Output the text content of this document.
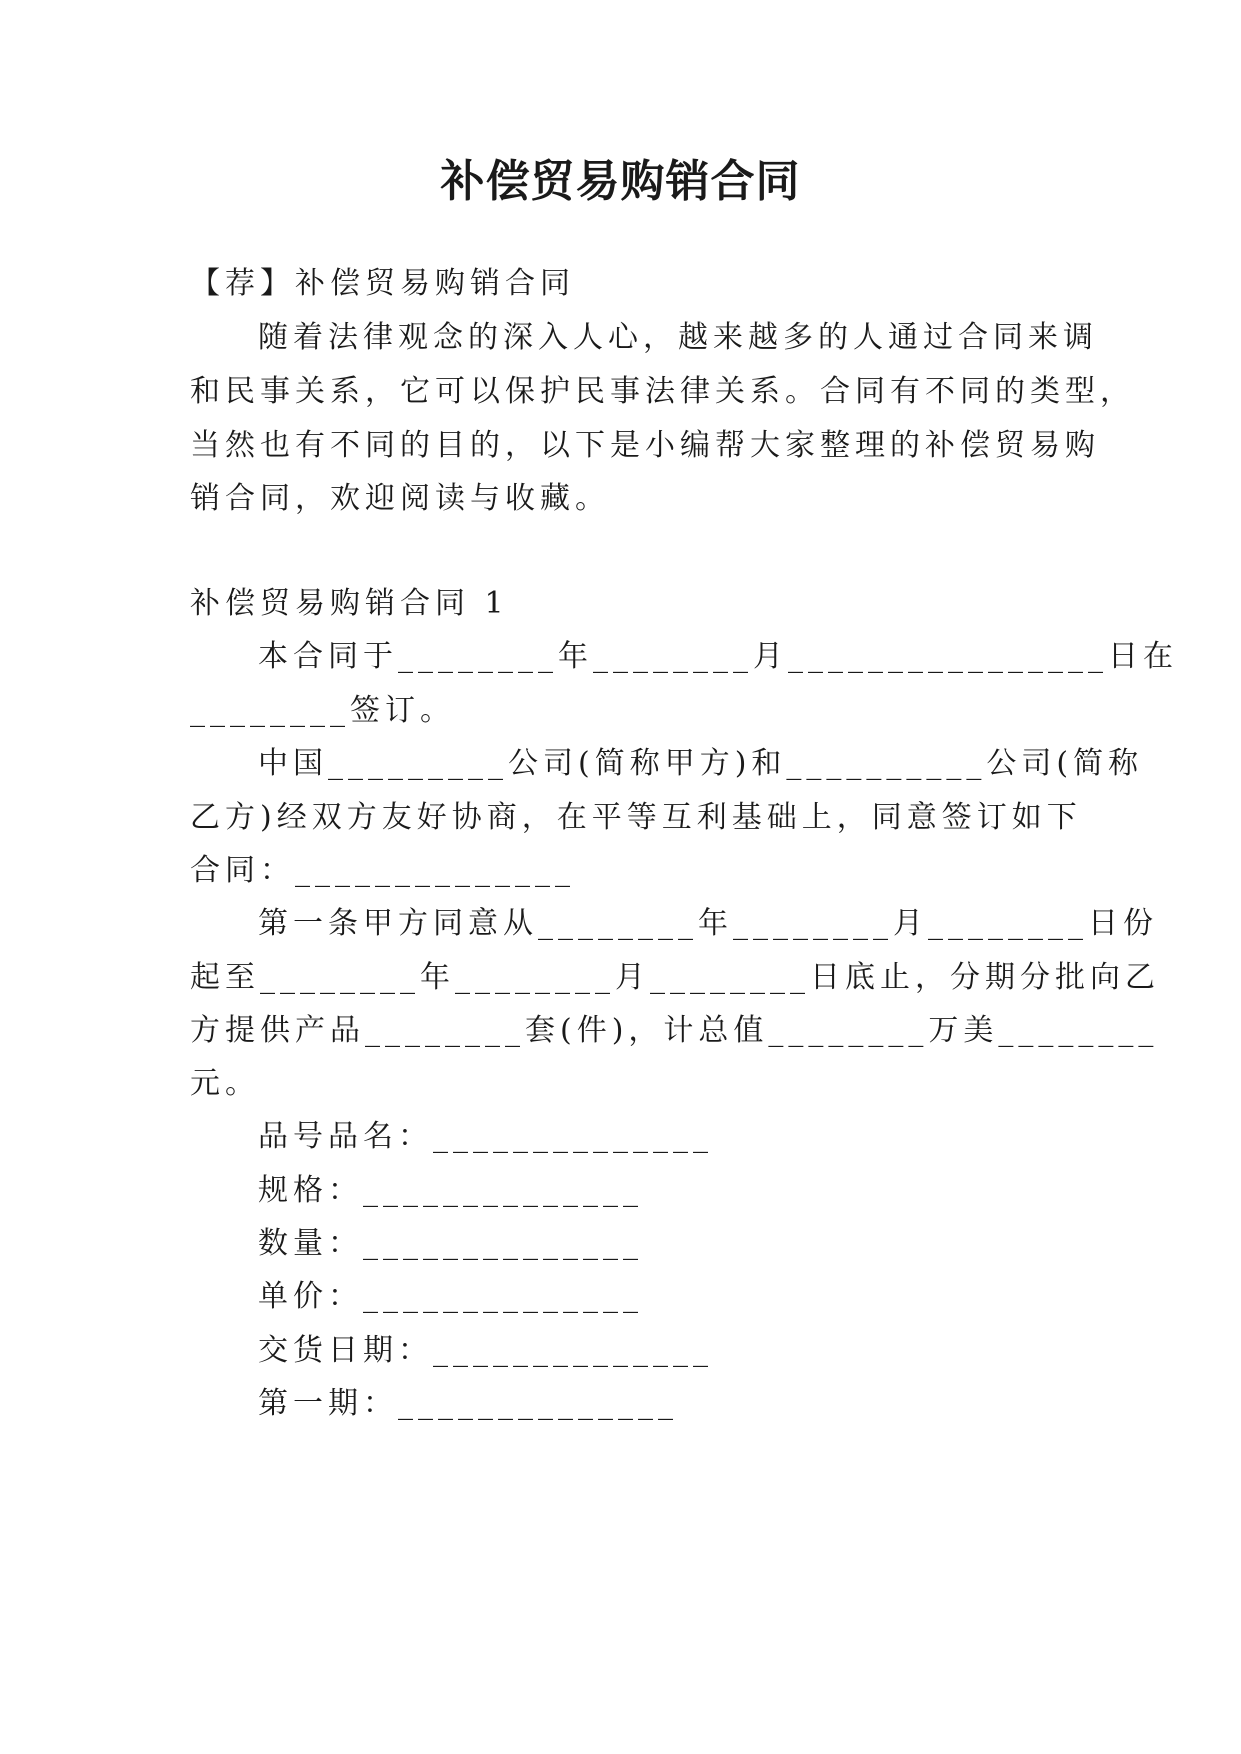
补偿贸易购销合同
【荐】补偿贸易购销合同
随着法律观念的深入人心，越来越多的人通过合同来调
和民事关系，它可以保护民事法律关系。合同有不同的类型，
当然也有不同的目的，以下是小编帮大家整理的补偿贸易购
销合同，欢迎阅读与收藏。
补偿贸易购销合同 1
本合同于________年________月________________日在
________签订。
中国_________公司(简称甲方)和__________公司(简称
乙方)经双方友好协商，在平等互利基础上，同意签订如下
合同：______________
第一条甲方同意从________年________月________日份
起至________年________月________日底止，分期分批向乙
方提供产品________套(件)，计总值________万美________
元。
品号品名：______________
规格：______________
数量：______________
单价：______________
交货日期：______________
第一期：______________
